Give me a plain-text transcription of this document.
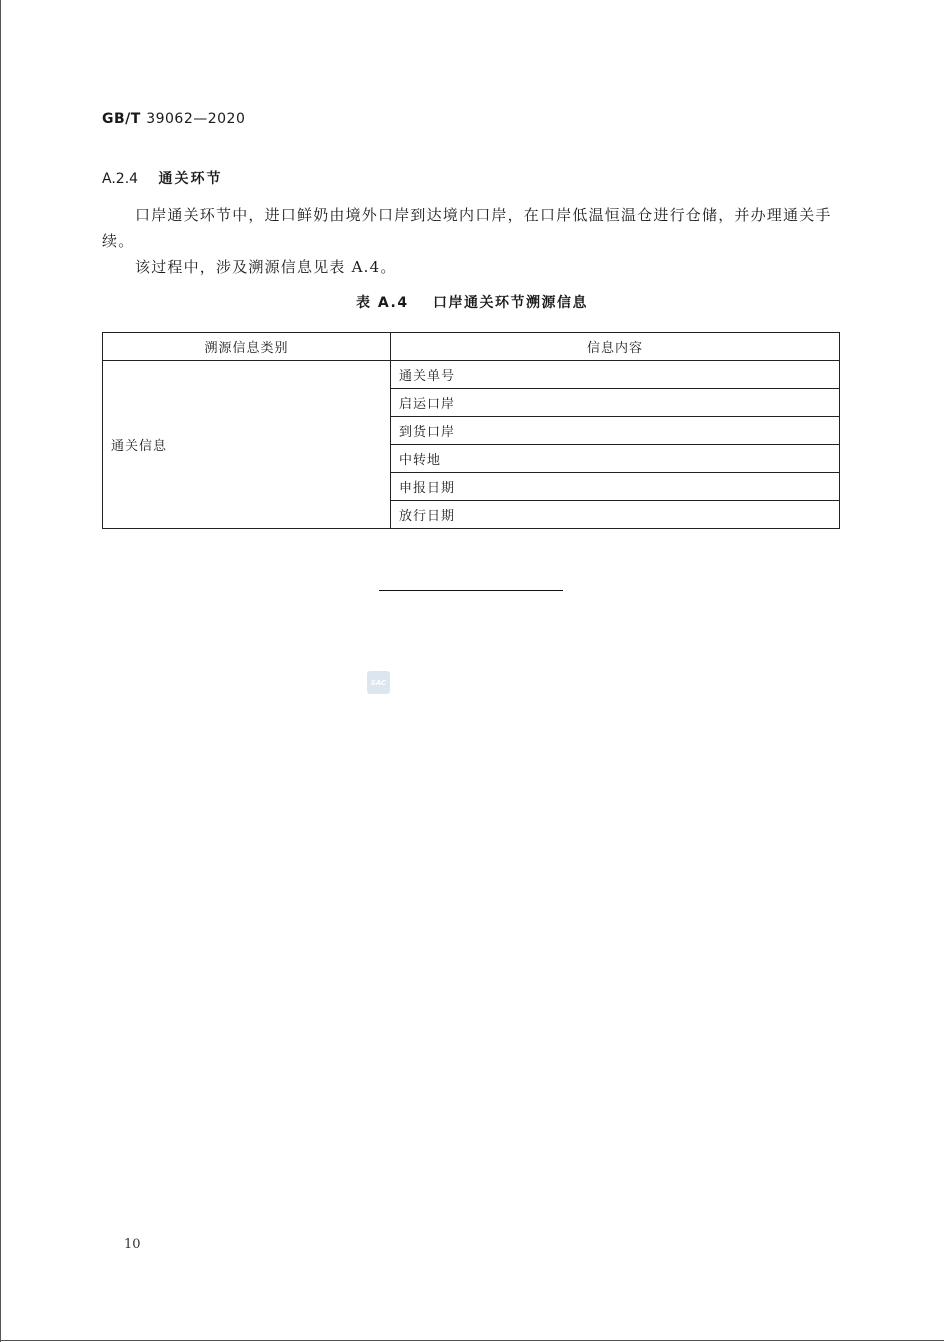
GB/T 39062—2020
A.2.4 通关环节
口岸通关环节中，进口鲜奶由境外口岸到达境内口岸，在口岸低温恒温仓进行仓储，并办理通关手续。
该过程中，涉及溯源信息见表 A.4。
表 A.4 口岸通关环节溯源信息
溯源信息类别	信息内容
通关信息	通关单号
	启运口岸
	到货口岸
	中转地
	申报日期
	放行日期
SAC
10
